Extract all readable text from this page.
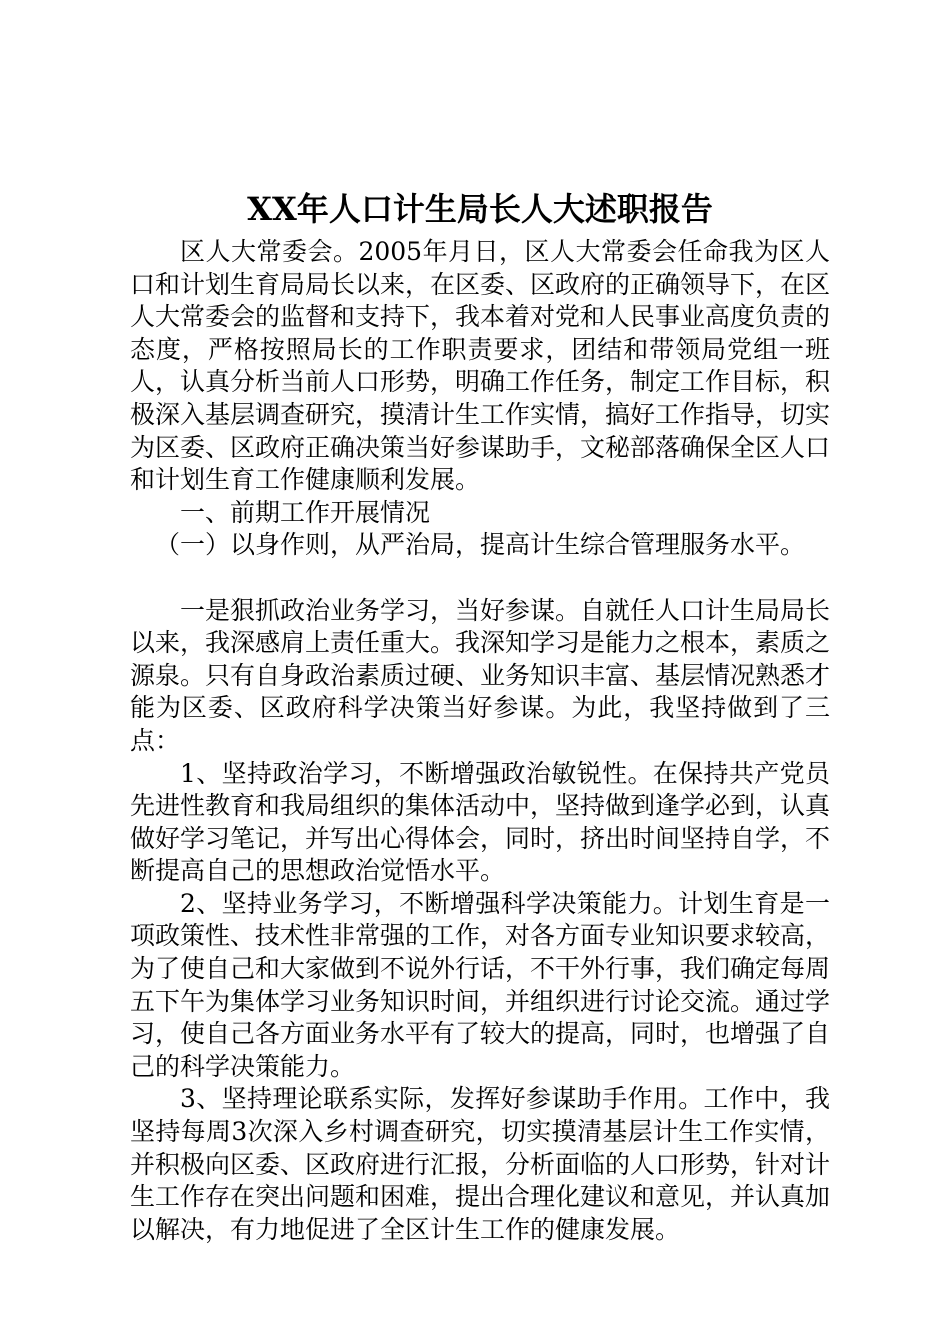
XX年人口计生局长人大述职报告

区人大常委会。2005年月日，区人大常委会任命我为区人口和计划生育局局长以来，在区委、区政府的正确领导下，在区人大常委会的监督和支持下，我本着对党和人民事业高度负责的态度，严格按照局长的工作职责要求，团结和带领局党组一班人，认真分析当前人口形势，明确工作任务，制定工作目标，积极深入基层调查研究，摸清计生工作实情，搞好工作指导，切实为区委、区政府正确决策当好参谋助手，文秘部落确保全区人口和计划生育工作健康顺利发展。

一、前期工作开展情况

（一）以身作则，从严治局，提高计生综合管理服务水平。

一是狠抓政治业务学习，当好参谋。自就任人口计生局局长以来，我深感肩上责任重大。我深知学习是能力之根本，素质之源泉。只有自身政治素质过硬、业务知识丰富、基层情况熟悉才能为区委、区政府科学决策当好参谋。为此，我坚持做到了三点：

1、坚持政治学习，不断增强政治敏锐性。在保持共产党员先进性教育和我局组织的集体活动中，坚持做到逢学必到，认真做好学习笔记，并写出心得体会，同时，挤出时间坚持自学，不断提高自己的思想政治觉悟水平。

2、坚持业务学习，不断增强科学决策能力。计划生育是一项政策性、技术性非常强的工作，对各方面专业知识要求较高，为了使自己和大家做到不说外行话，不干外行事，我们确定每周五下午为集体学习业务知识时间，并组织进行讨论交流。通过学习，使自己各方面业务水平有了较大的提高，同时，也增强了自己的科学决策能力。

3、坚持理论联系实际，发挥好参谋助手作用。工作中，我坚持每周3次深入乡村调查研究，切实摸清基层计生工作实情，并积极向区委、区政府进行汇报，分析面临的人口形势，针对计生工作存在突出问题和困难，提出合理化建议和意见，并认真加以解决，有力地促进了全区计生工作的健康发展。
